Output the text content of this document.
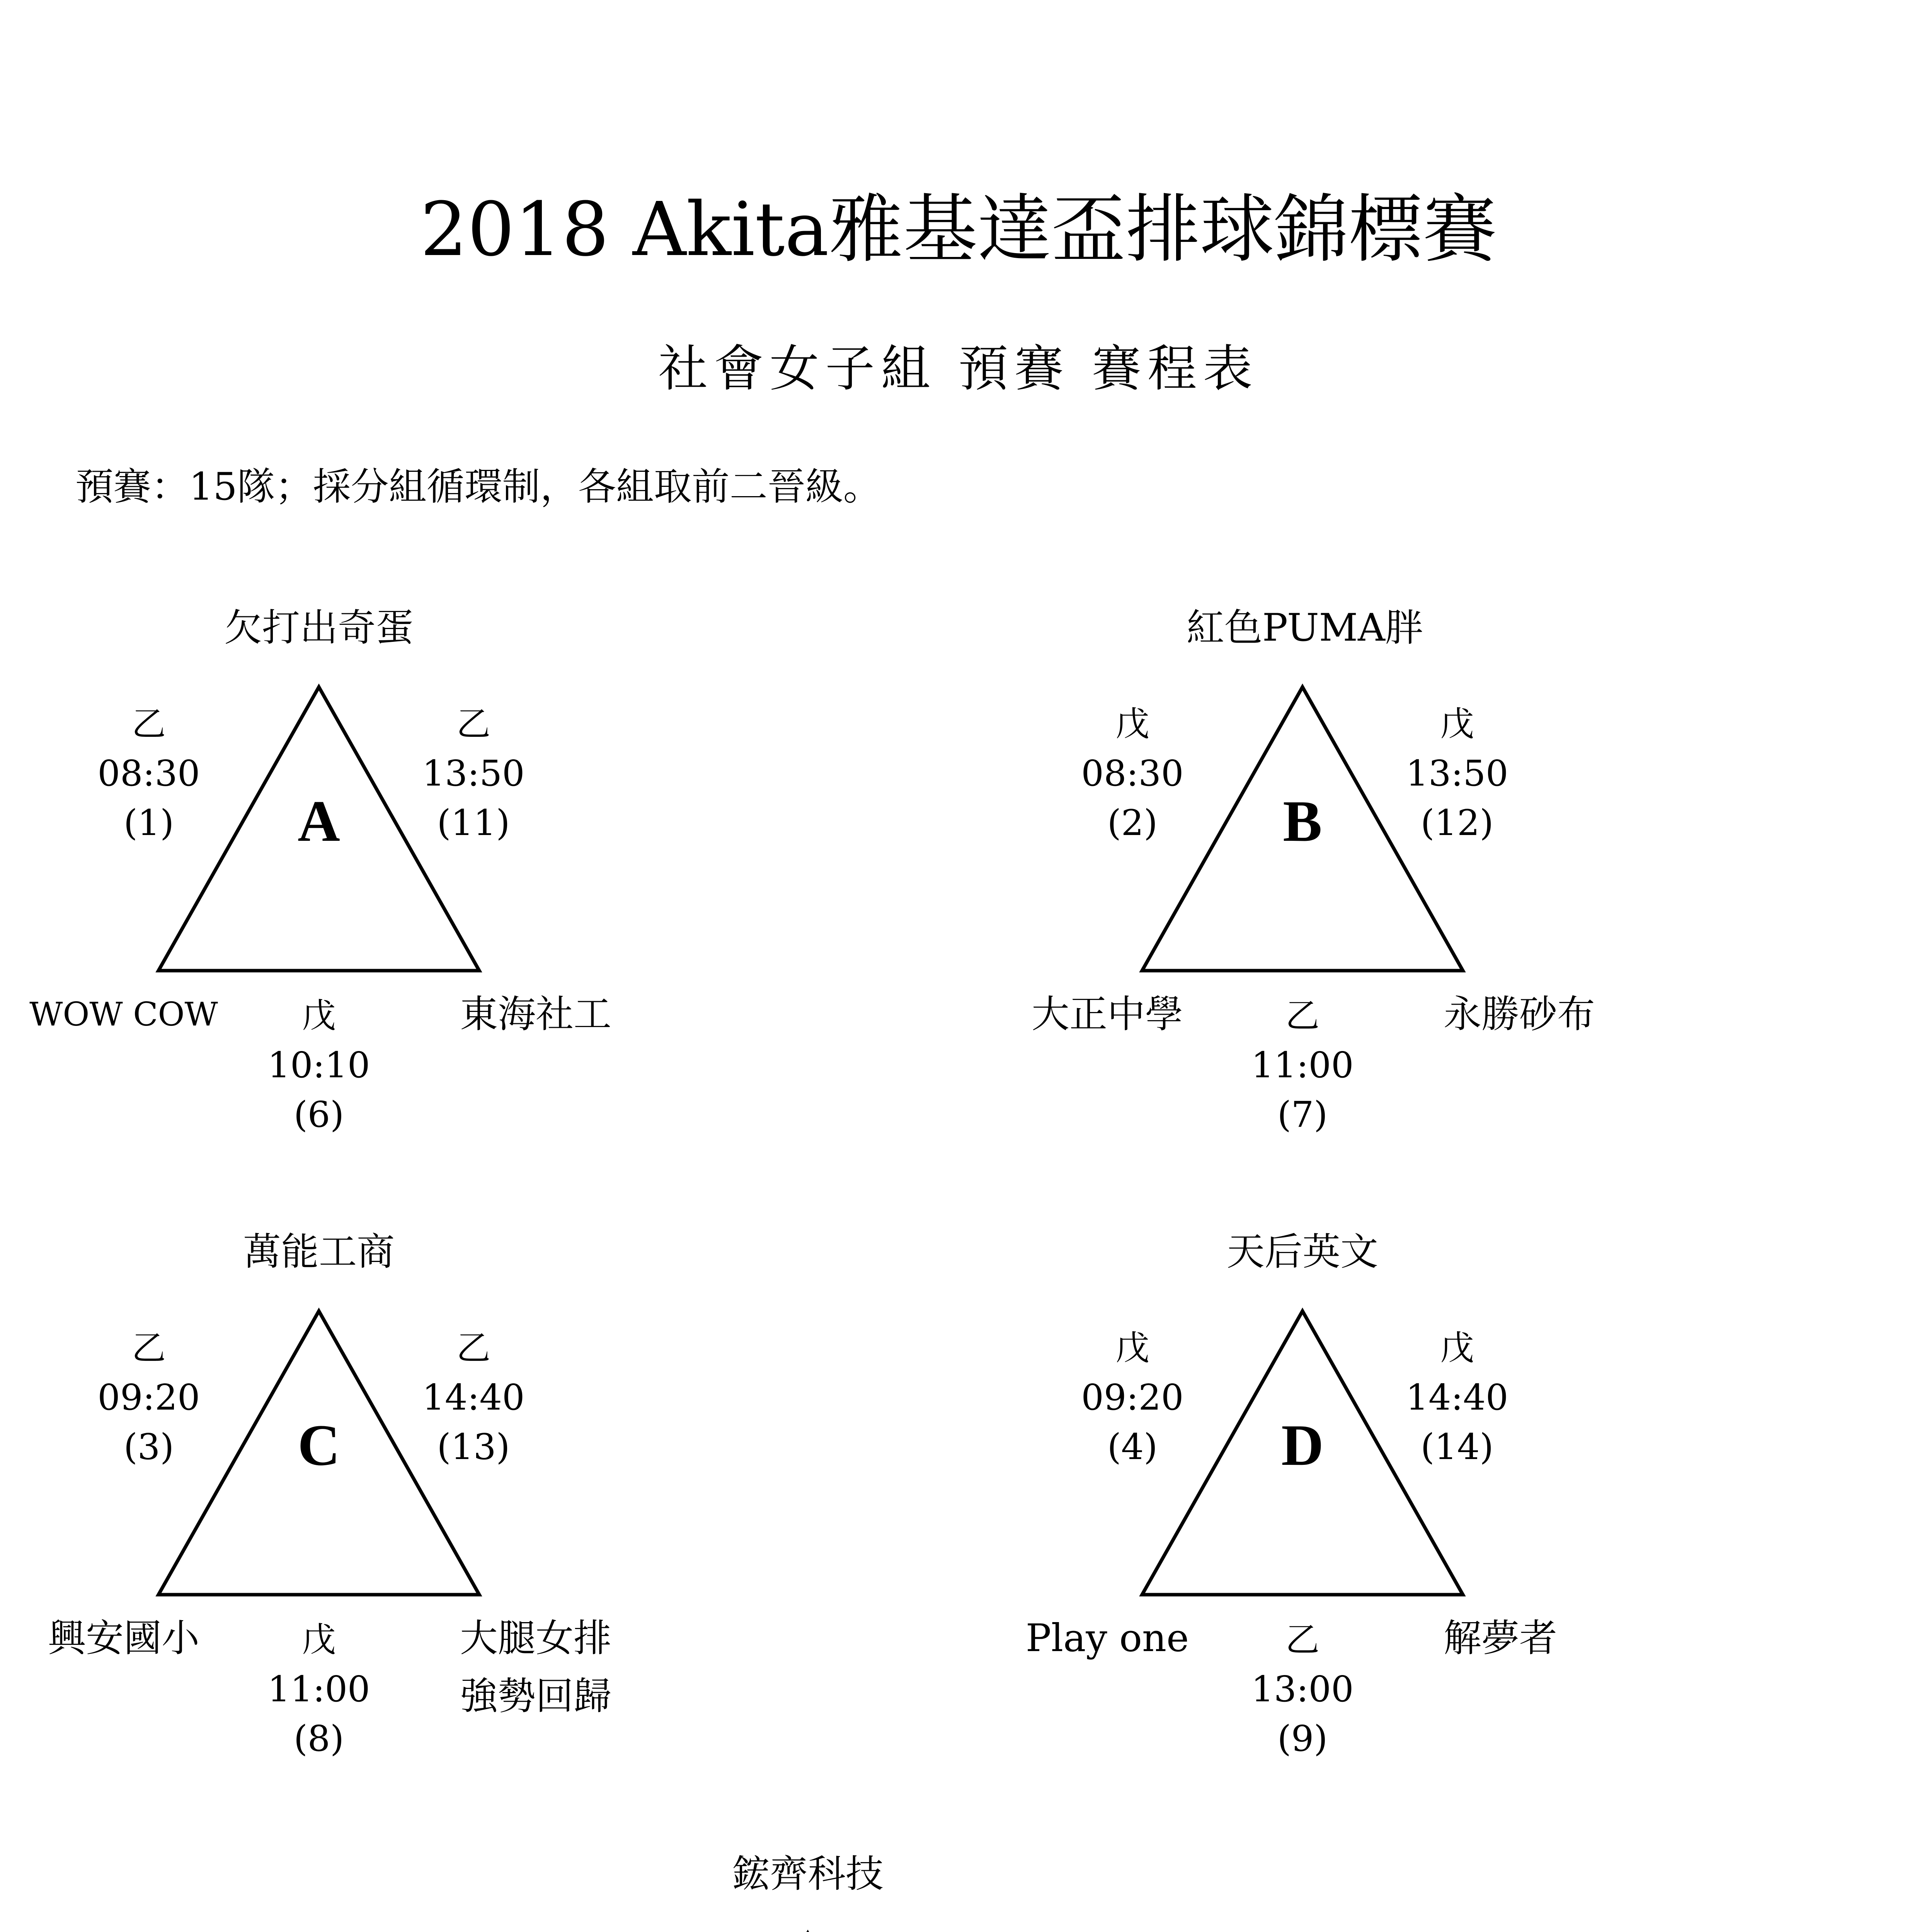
2018 Akita雅基達盃排球錦標賽
社會女子組 預賽 賽程表
預賽：15隊；採分組循環制，各組取前二晉級。
欠打出奇蛋
A
乙
08:30
(1)
乙
13:50
(11)
WOW COW	東海社工
戊
10:10
(6)
紅色PUMA胖
B
戊
08:30
(2)
戊
13:50
(12)
大正中學	永勝砂布
乙
11:00
(7)
萬能工商
C
乙
09:20
(3)
乙
14:40
(13)
興安國小	大腿女排
強勢回歸
戊
11:00
(8)
天后英文
D
戊
09:20
(4)
戊
14:40
(14)
Play one	解夢者
乙
13:00
(9)
鋐齊科技
